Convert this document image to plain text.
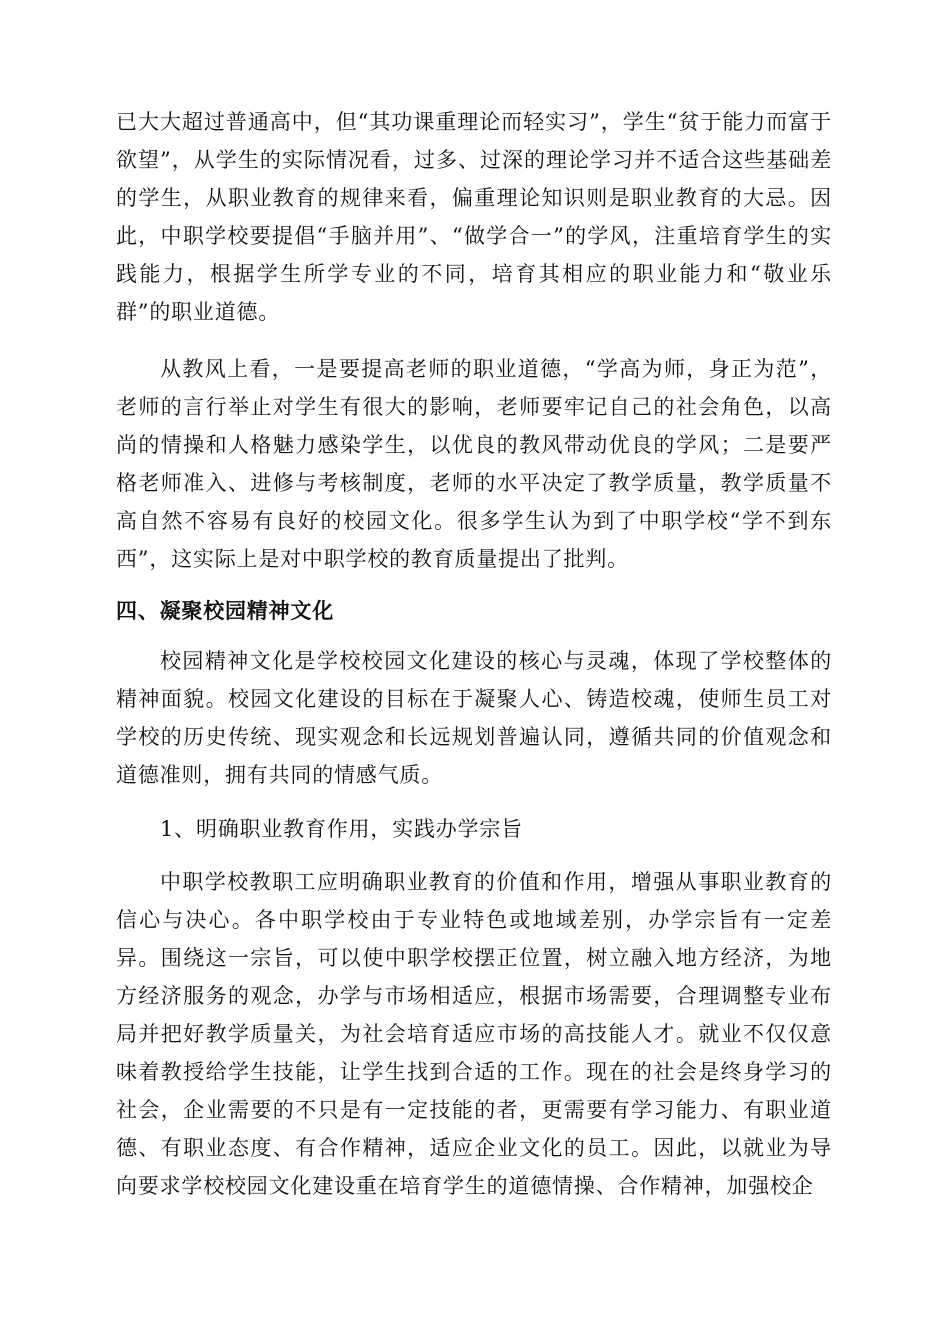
已大大超过普通高中，但“其功课重理论而轻实习”，学生“贫于能力而富于欲望”，从学生的实际情况看，过多、过深的理论学习并不适合这些基础差的学生，从职业教育的规律来看，偏重理论知识则是职业教育的大忌。因此，中职学校要提倡“手脑并用”、“做学合一”的学风，注重培育学生的实践能力，根据学生所学专业的不同，培育其相应的职业能力和“敬业乐群”的职业道德。

从教风上看，一是要提高老师的职业道德，“学高为师，身正为范”，老师的言行举止对学生有很大的影响，老师要牢记自己的社会角色，以高尚的情操和人格魅力感染学生，以优良的教风带动优良的学风；二是要严格老师准入、进修与考核制度，老师的水平决定了教学质量，教学质量不高自然不容易有良好的校园文化。很多学生认为到了中职学校“学不到东西”，这实际上是对中职学校的教育质量提出了批判。

四、凝聚校园精神文化

校园精神文化是学校校园文化建设的核心与灵魂，体现了学校整体的精神面貌。校园文化建设的目标在于凝聚人心、铸造校魂，使师生员工对学校的历史传统、现实观念和长远规划普遍认同，遵循共同的价值观念和道德准则，拥有共同的情感气质。

1、明确职业教育作用，实践办学宗旨

中职学校教职工应明确职业教育的价值和作用，增强从事职业教育的信心与决心。各中职学校由于专业特色或地域差别，办学宗旨有一定差异。围绕这一宗旨，可以使中职学校摆正位置，树立融入地方经济，为地方经济服务的观念，办学与市场相适应，根据市场需要，合理调整专业布局并把好教学质量关，为社会培育适应市场的高技能人才。就业不仅仅意味着教授给学生技能，让学生找到合适的工作。现在的社会是终身学习的社会，企业需要的不只是有一定技能的者，更需要有学习能力、有职业道德、有职业态度、有合作精神，适应企业文化的员工。因此，以就业为导向要求学校校园文化建设重在培育学生的道德情操、合作精神，加强校企
